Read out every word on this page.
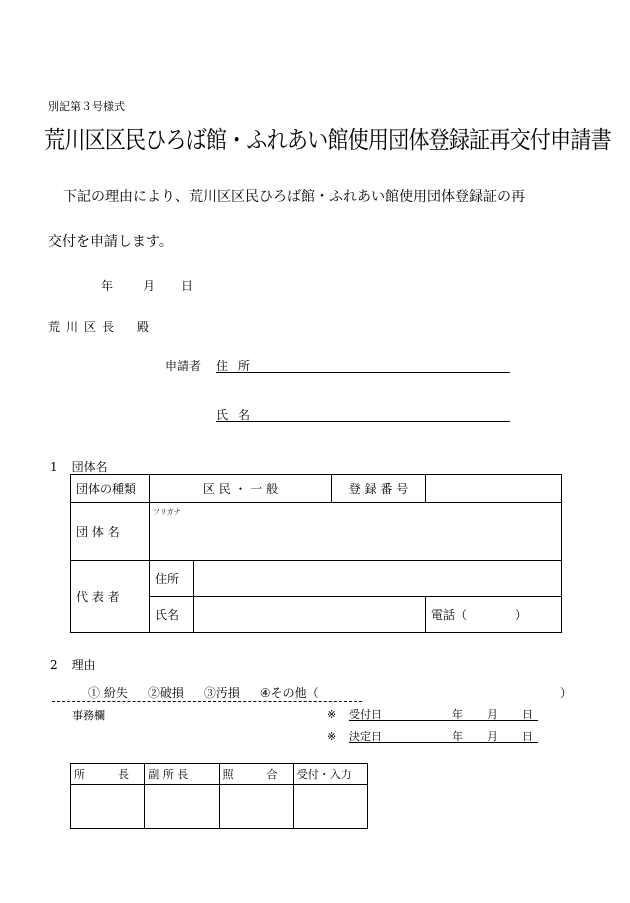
別記第３号様式
荒川区区民ひろば館・ふれあい館使用団体登録証再交付申請書
下記の理由により、荒川区区民ひろば館・ふれあい館使用団体登録証の再
交付を申請します。
年 月 日
荒川区長 殿
申請者 住所
氏名
1 団体名
団体の種類	区 民 ・ 一 般		登 録 番 号	
団 体 名	フリガナ			

代 表 者	住所			
	氏名			電話（　　　　）
2 理由
① 紛失 ②破損 ③汚損 ④その他（	）
事務欄	※ 受付日	年 月 日
※ 決定日	年 月 日
所　　　長	副 所 長	照　　　合	受付・入力
